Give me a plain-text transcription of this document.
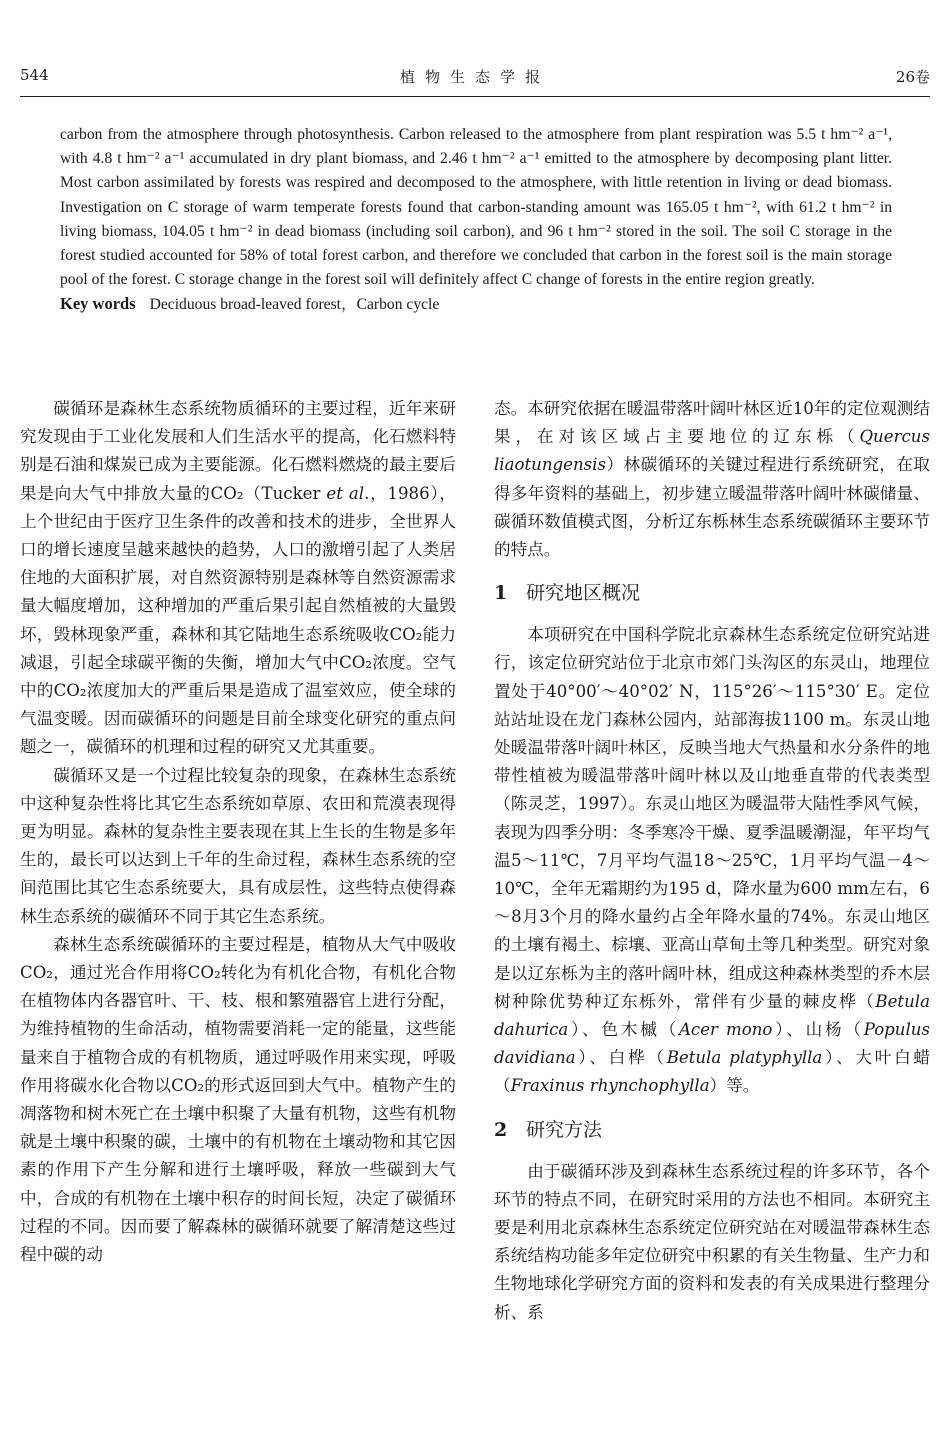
544	植物生态学报	26卷

carbon from the atmosphere through photosynthesis. Carbon released to the atmosphere from plant respiration was 5.5 t hm⁻² a⁻¹, with 4.8 t hm⁻² a⁻¹ accumulated in dry plant biomass, and 2.46 t hm⁻² a⁻¹ emitted to the atmosphere by decomposing plant litter. Most carbon assimilated by forests was respired and decomposed to the atmosphere, with little retention in living or dead biomass. Investigation on C storage of warm temperate forests found that carbon-standing amount was 165.05 t hm⁻², with 61.2 t hm⁻² in living biomass, 104.05 t hm⁻² in dead biomass (including soil carbon), and 96 t hm⁻² stored in the soil. The soil C storage in the forest studied accounted for 58% of total forest carbon, and therefore we concluded that carbon in the forest soil is the main storage pool of the forest. C storage change in the forest soil will definitely affect C change of forests in the entire region greatly.

Key words Deciduous broad-leaved forest，Carbon cycle

碳循环是森林生态系统物质循环的主要过程，近年来研究发现由于工业化发展和人们生活水平的提高，化石燃料特别是石油和煤炭已成为主要能源。化石燃料燃烧的最主要后果是向大气中排放大量的CO₂（Tucker et al.，1986），上个世纪由于医疗卫生条件的改善和技术的进步，全世界人口的增长速度呈越来越快的趋势，人口的激增引起了人类居住地的大面积扩展，对自然资源特别是森林等自然资源需求量大幅度增加，这种增加的严重后果引起自然植被的大量毁坏，毁林现象严重，森林和其它陆地生态系统吸收CO₂能力减退，引起全球碳平衡的失衡，增加大气中CO₂浓度。空气中的CO₂浓度加大的严重后果是造成了温室效应，使全球的气温变暖。因而碳循环的问题是目前全球变化研究的重点问题之一，碳循环的机理和过程的研究又尤其重要。

碳循环又是一个过程比较复杂的现象，在森林生态系统中这种复杂性将比其它生态系统如草原、农田和荒漠表现得更为明显。森林的复杂性主要表现在其上生长的生物是多年生的，最长可以达到上千年的生命过程，森林生态系统的空间范围比其它生态系统要大，具有成层性，这些特点使得森林生态系统的碳循环不同于其它生态系统。

森林生态系统碳循环的主要过程是，植物从大气中吸收CO₂，通过光合作用将CO₂转化为有机化合物，有机化合物在植物体内各器官叶、干、枝、根和繁殖器官上进行分配，为维持植物的生命活动，植物需要消耗一定的能量，这些能量来自于植物合成的有机物质，通过呼吸作用来实现，呼吸作用将碳水化合物以CO₂的形式返回到大气中。植物产生的凋落物和树木死亡在土壤中积聚了大量有机物，这些有机物就是土壤中积聚的碳，土壤中的有机物在土壤动物和其它因素的作用下产生分解和进行土壤呼吸，释放一些碳到大气中，合成的有机物在土壤中积存的时间长短，决定了碳循环过程的不同。因而要了解森林的碳循环就要了解清楚这些过程中碳的动

态。本研究依据在暖温带落叶阔叶林区近10年的定位观测结果，在对该区域占主要地位的辽东栎（Quercus liaotungensis）林碳循环的关键过程进行系统研究，在取得多年资料的基础上，初步建立暖温带落叶阔叶林碳储量、碳循环数值模式图，分析辽东栎林生态系统碳循环主要环节的特点。

1 研究地区概况

本项研究在中国科学院北京森林生态系统定位研究站进行，该定位研究站位于北京市郊门头沟区的东灵山，地理位置处于40°00′～40°02′ N，115°26′～115°30′ E。定位站站址设在龙门森林公园内，站部海拔1100 m。东灵山地处暖温带落叶阔叶林区，反映当地大气热量和水分条件的地带性植被为暖温带落叶阔叶林以及山地垂直带的代表类型（陈灵芝，1997）。东灵山地区为暖温带大陆性季风气候，表现为四季分明：冬季寒冷干燥、夏季温暖潮湿，年平均气温5～11℃，7月平均气温18～25℃，1月平均气温－4～10℃，全年无霜期约为195 d，降水量为600 mm左右，6～8月3个月的降水量约占全年降水量的74%。东灵山地区的土壤有褐土、棕壤、亚高山草甸土等几种类型。研究对象是以辽东栎为主的落叶阔叶林，组成这种森林类型的乔木层树种除优势种辽东栎外，常伴有少量的棘皮桦（Betula dahurica）、色木槭（Acer mono）、山杨（Populus davidiana）、白桦（Betula platyphylla）、大叶白蜡（Fraxinus rhynchophylla）等。

2 研究方法

由于碳循环涉及到森林生态系统过程的许多环节，各个环节的特点不同，在研究时采用的方法也不相同。本研究主要是利用北京森林生态系统定位研究站在对暖温带森林生态系统结构功能多年定位研究中积累的有关生物量、生产力和生物地球化学研究方面的资料和发表的有关成果进行整理分析、系
